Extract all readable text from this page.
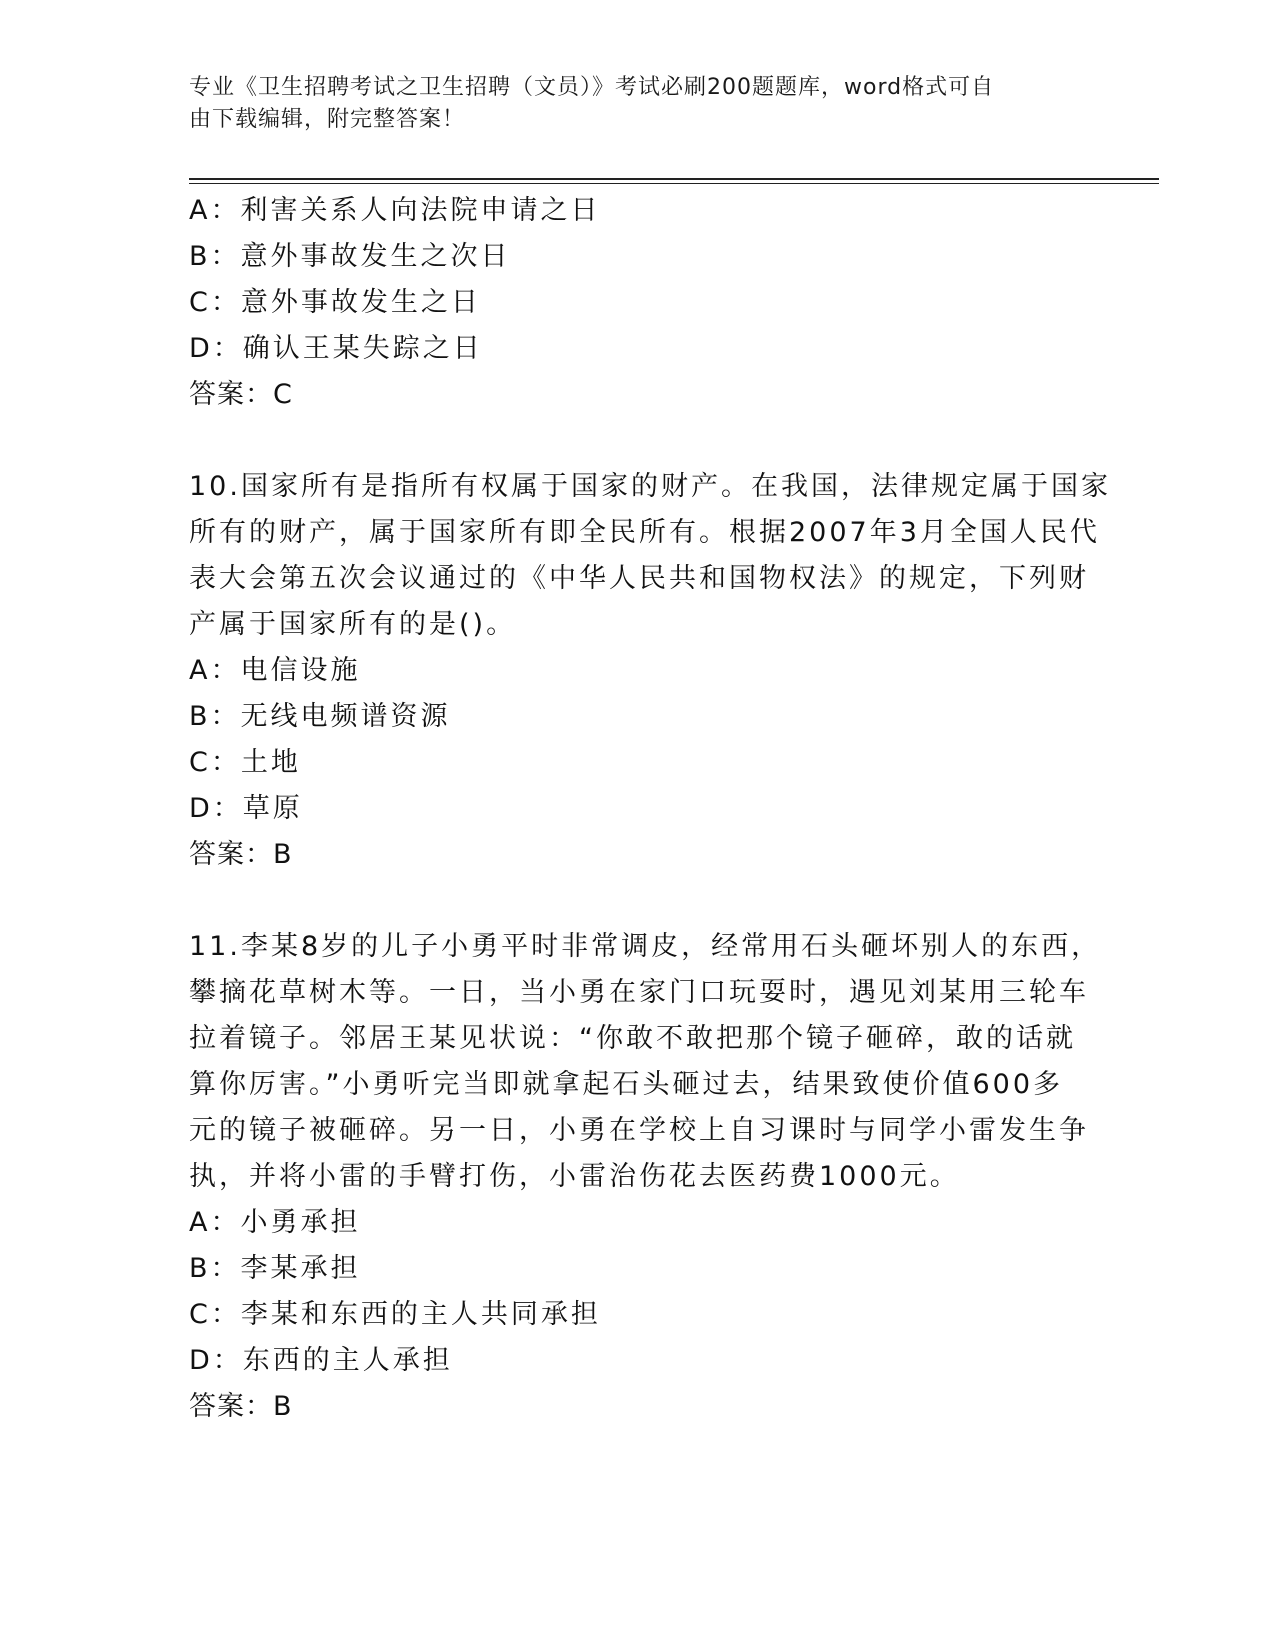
专业《卫生招聘考试之卫生招聘（文员）》考试必刷200题题库，word格式可自
由下载编辑，附完整答案！
A：利害关系人向法院申请之日
B：意外事故发生之次日
C：意外事故发生之日
D：确认王某失踪之日
答案：C
10.国家所有是指所有权属于国家的财产。在我国，法律规定属于国家
所有的财产，属于国家所有即全民所有。根据2007年3月全国人民代
表大会第五次会议通过的《中华人民共和国物权法》的规定，下列财
产属于国家所有的是()。
A：电信设施
B：无线电频谱资源
C：土地
D：草原
答案：B
11.李某8岁的儿子小勇平时非常调皮，经常用石头砸坏别人的东西，
攀摘花草树木等。一日，当小勇在家门口玩耍时，遇见刘某用三轮车
拉着镜子。邻居王某见状说：“你敢不敢把那个镜子砸碎，敢的话就
算你厉害。”小勇听完当即就拿起石头砸过去，结果致使价值600多
元的镜子被砸碎。另一日，小勇在学校上自习课时与同学小雷发生争
执，并将小雷的手臂打伤，小雷治伤花去医药费1000元。
A：小勇承担
B：李某承担
C：李某和东西的主人共同承担
D：东西的主人承担
答案：B
